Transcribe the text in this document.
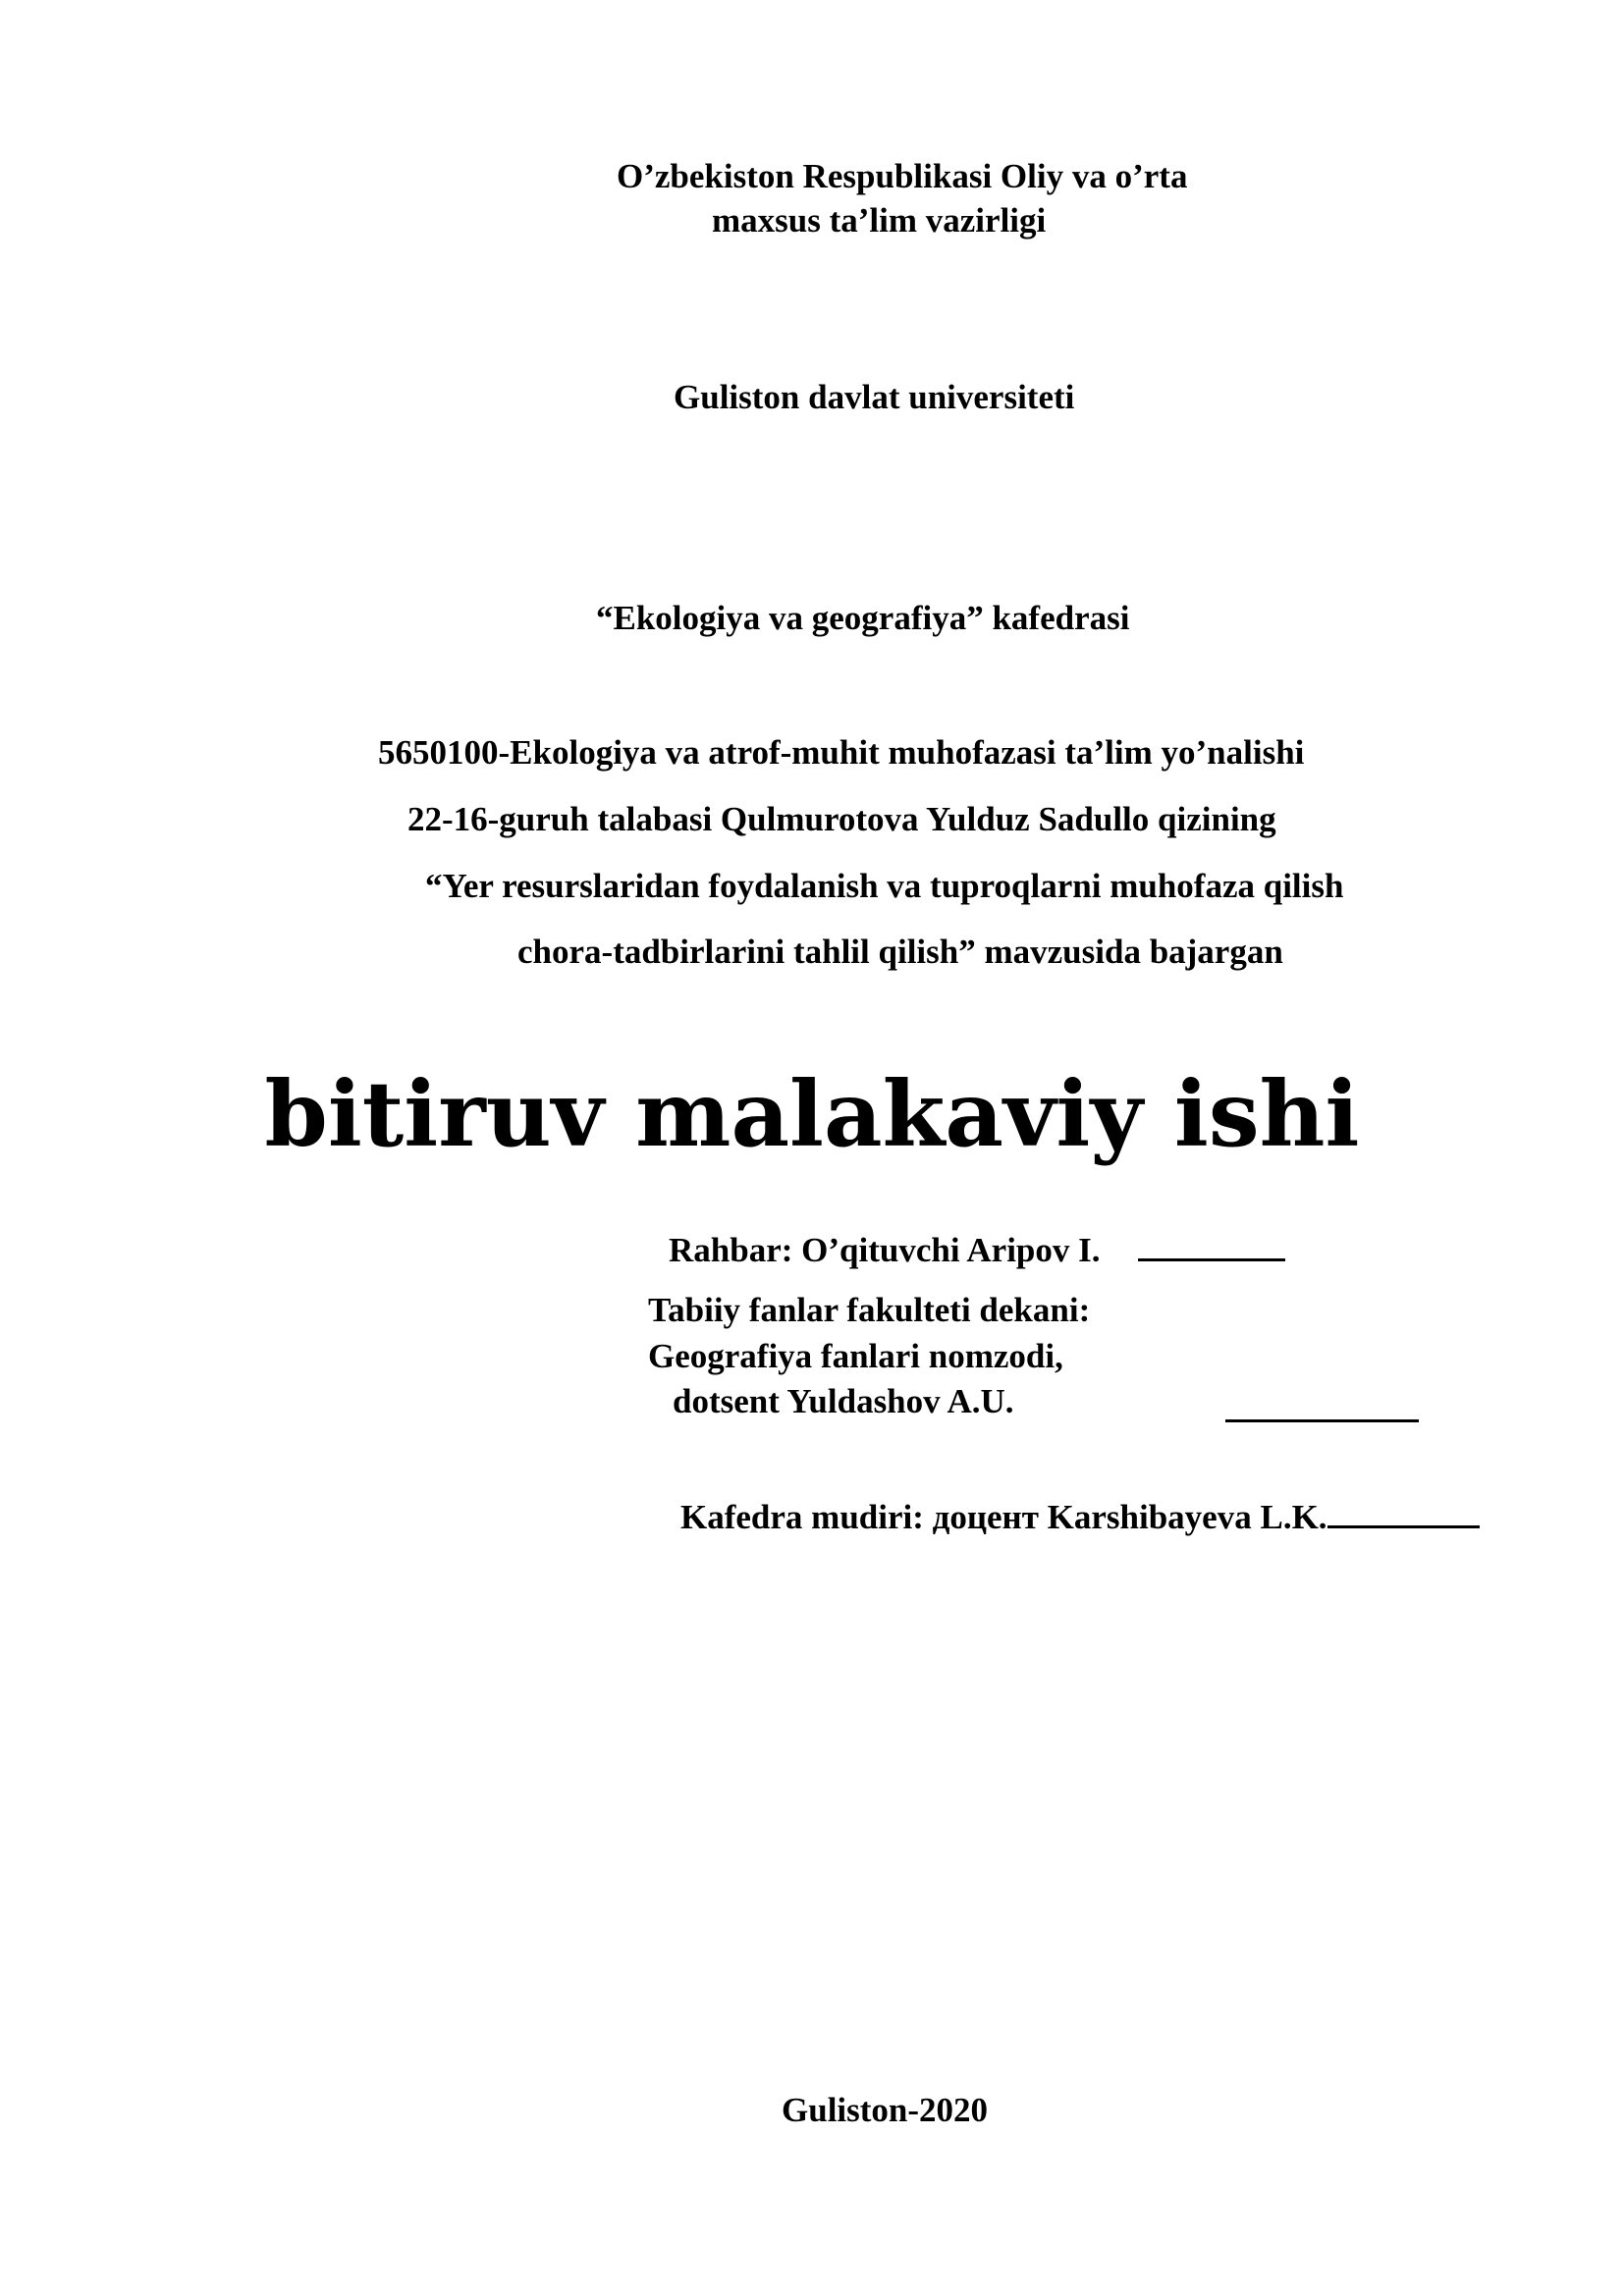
O’zbekiston Respublikasi Oliy va o’rta
maxsus ta’lim vazirligi
Guliston davlat universiteti
“Ekologiya va geografiya” kafedrasi
5650100-Ekologiya va atrof-muhit muhofazasi ta’lim yo’nalishi
22-16-guruh talabasi Qulmurotova Yulduz Sadullo qizining
“Yer resurslaridan foydalanish va tuproqlarni muhofaza qilish
chora-tadbirlarini tahlil qilish” mavzusida bajargan
bitiruv malakaviy ishi
Rahbar: O’qituvchi Aripov I.
Tabiiy fanlar fakulteti dekani:
Geografiya fanlari nomzodi,
dotsent Yuldashov A.U.
Kafedra mudiri: доцент Karshibayeva L.K.
Guliston-2020
